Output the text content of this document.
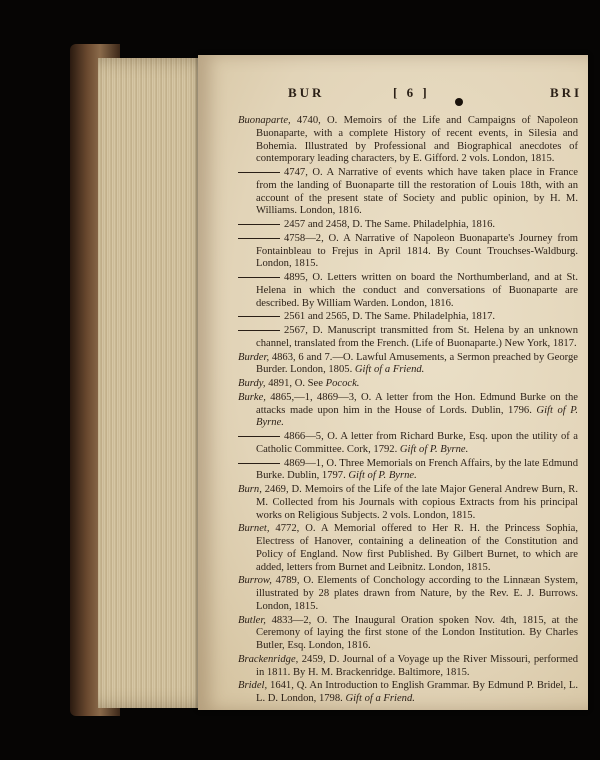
BUR	[ 6 ]	BRI
Buonaparte, 4740, O. Memoirs of the Life and Campaigns of Napoleon Buonaparte, with a complete History of recent events, in Silesia and Bohemia. Illustrated by Professional and Biographical anecdotes of contemporary leading characters, by E. Gifford. 2 vols. London, 1815.
4747, O. A Narrative of events which have taken place in France from the landing of Buonaparte till the restoration of Louis 18th, with an account of the present state of Society and public opinion, by H. M. Williams. London, 1816.
2457 and 2458, D. The Same. Philadelphia, 1816.
4758—2, O. A Narrative of Napoleon Buonaparte's Journey from Fontainbleau to Frejus in April 1814. By Count Trouchses-Waldburg. London, 1815.
4895, O. Letters written on board the Northumberland, and at St. Helena in which the conduct and conversations of Buonaparte are described. By William Warden. London, 1816.
2561 and 2565, D. The Same. Philadelphia, 1817.
2567, D. Manuscript transmitted from St. Helena by an unknown channel, translated from the French. (Life of Buonaparte.) New York, 1817.
Burder, 4863, 6 and 7.—O. Lawful Amusements, a Sermon preached by George Burder. London, 1805. Gift of a Friend.
Burdy, 4891, O. See Pocock.
Burke, 4865,—1, 4869—3, O. A letter from the Hon. Edmund Burke on the attacks made upon him in the House of Lords. Dublin, 1796. Gift of P. Byrne.
4866—5, O. A letter from Richard Burke, Esq. upon the utility of a Catholic Committee. Cork, 1792. Gift of P. Byrne.
4869—1, O. Three Memorials on French Affairs, by the late Edmund Burke. Dublin, 1797. Gift of P. Byrne.
Burn, 2469, D. Memoirs of the Life of the late Major General Andrew Burn, R. M. Collected from his Journals with copious Extracts from his principal works on Religious Subjects. 2 vols. London, 1815.
Burnet, 4772, O. A Memorial offered to Her R. H. the Princess Sophia, Electress of Hanover, containing a delineation of the Constitution and Policy of England. Now first Published. By Gilbert Burnet, to which are added, letters from Burnet and Leibnitz. London, 1815.
Burrow, 4789, O. Elements of Conchology according to the Linnæan System, illustrated by 28 plates drawn from Nature, by the Rev. E. J. Burrows. London, 1815.
Butler, 4833—2, O. The Inaugural Oration spoken Nov. 4th, 1815, at the Ceremony of laying the first stone of the London Institution. By Charles Butler, Esq. London, 1816.
Brackenridge, 2459, D. Journal of a Voyage up the River Missouri, performed in 1811. By H. M. Brackenridge. Baltimore, 1815.
Bridel, 1641, Q. An Introduction to English Grammar. By Edmund P. Bridel, L. L. D. London, 1798. Gift of a Friend.
